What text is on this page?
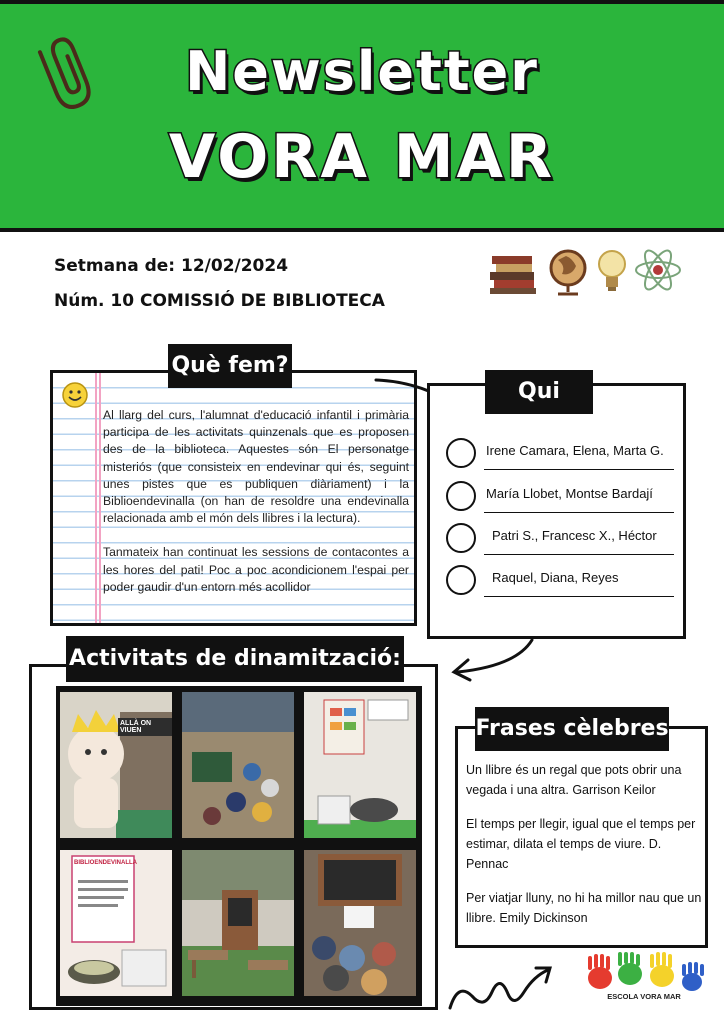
Newsletter
VORA MAR
Setmana de: 12/02/2024
Núm. 10 COMISSIÓ DE BIBLIOTECA

Al llarg del curs, l'alumnat d'educació infantil i primària participa de les activitats quinzenals que es proposen des de la biblioteca. Aquestes són El personatge misteriós (que consisteix en endevinar qui és, seguint unes pistes que es publiquen diàriament) i la Biblioendevinalla (on han de resoldre una endevinalla relacionada amb el món dels llibres i la lectura).

Tanmateix han continuat les sessions de contacontes a les hores del pati! Poc a poc acondicionem l'espai per poder gaudir d'un entorn més acollidor

Què fem?
Irene Camara, Elena, Marta G.
María Llobet, Montse Bardají
Patri S., Francesc X., Héctor
Raquel, Diana, Reyes
Qui som:
Activitats de dinamització:
ALLÀ ON VIUEN
BIBLIOENDEVINALLA
Frases cèlebres

Un llibre és un regal que pots obrir una vegada i una altra. Garrison Keilor

El temps per llegir, igual que el temps per estimar, dilata el temps de viure. D. Pennac

Per viatjar lluny, no hi ha millor nau que un llibre. Emily Dickinson

ESCOLA VORA MAR
